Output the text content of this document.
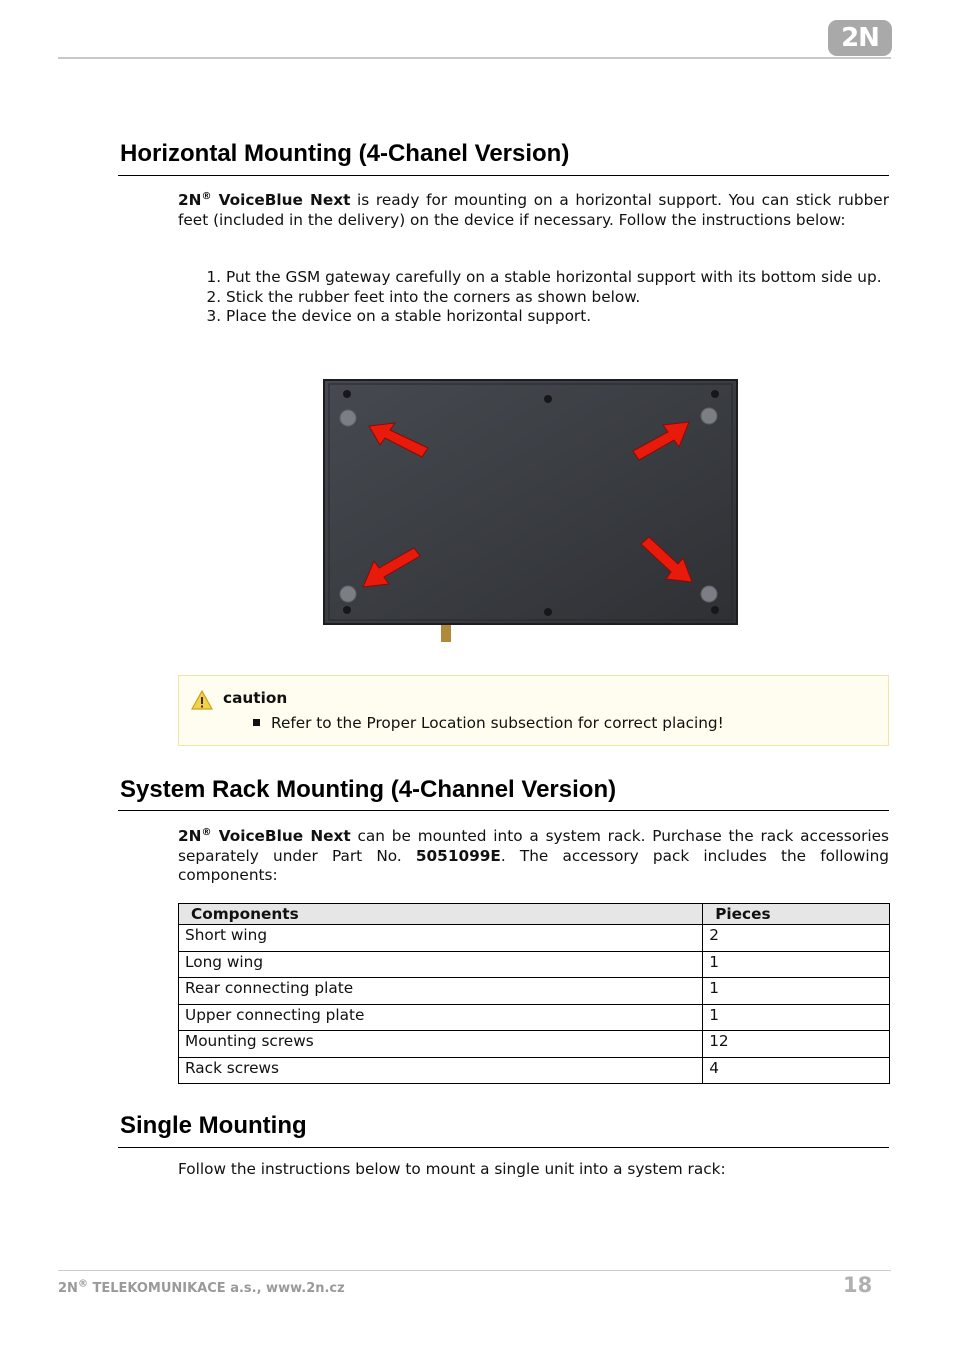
2N
Horizontal Mounting (4-Chanel Version)

2N® VoiceBlue Next is ready for mounting on a horizontal support. You can stick rubber feet (included in the delivery) on the device if necessary. Follow the instructions below:

1. Put the GSM gateway carefully on a stable horizontal support with its bottom side up.
2. Stick the rubber feet into the corners as shown below.
3. Place the device on a stable horizontal support.
caution
Refer to the Proper Location subsection for correct placing!
System Rack Mounting (4-Channel Version)

2N® VoiceBlue Next can be mounted into a system rack. Purchase the rack accessories separately under Part No. 5051099E. The accessory pack includes the following components:

Components	Pieces
Short wing	2
Long wing	1
Rear connecting plate	1
Upper connecting plate	1
Mounting screws	12
Rack screws	4
Single Mounting

Follow the instructions below to mount a single unit into a system rack:

2N® TELEKOMUNIKACE a.s., www.2n.cz	18
